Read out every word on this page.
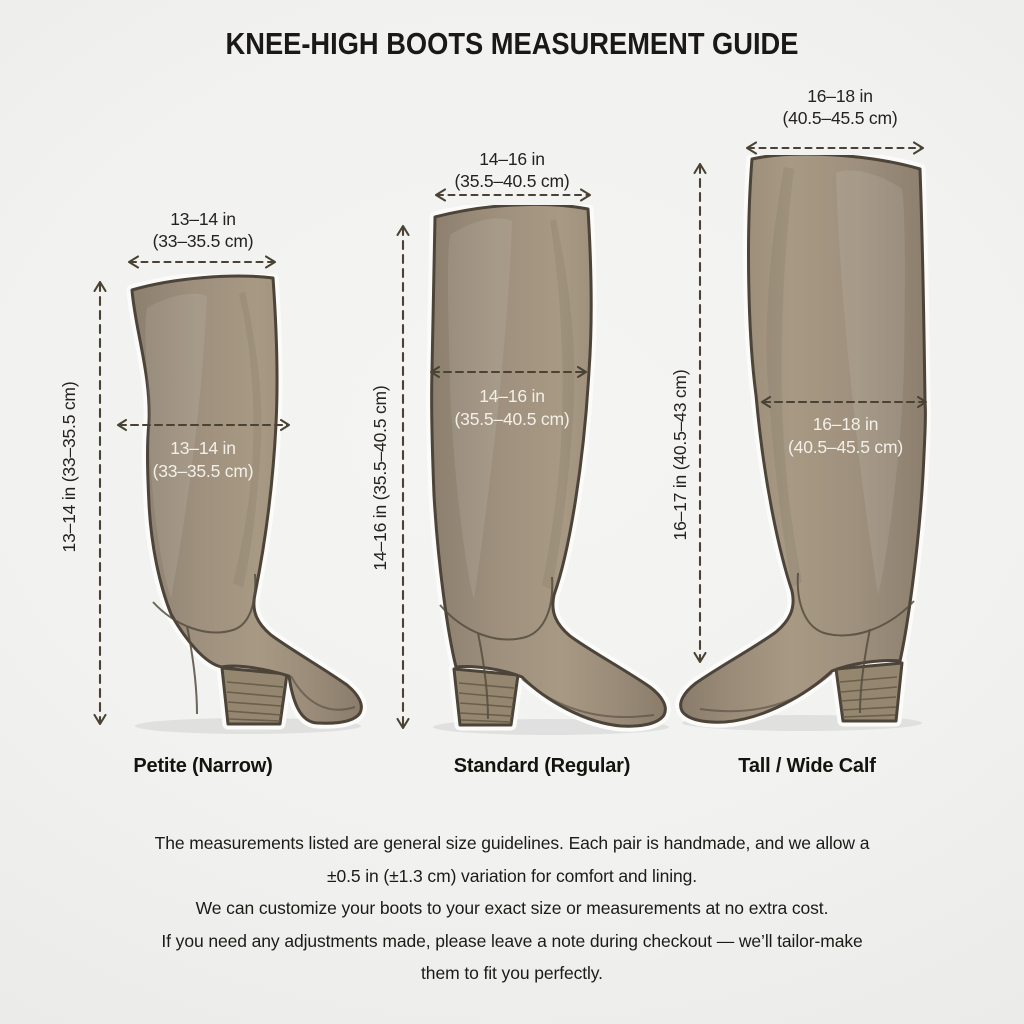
KNEE-HIGH BOOTS MEASUREMENT GUIDE
13–14 in
(33–35.5 cm)
13–14 in (33–35.5 cm)	13–14 in
(33–35.5 cm)
Petite (Narrow)
14–16 in
(35.5–40.5 cm)
14–16 in (35.5–40.5 cm)	14–16 in
(35.5–40.5 cm)
Standard (Regular)
16–18 in
(40.5–45.5 cm)
16–17 in (40.5–43 cm)	16–18 in
(40.5–45.5 cm)
Tall / Wide Calf
The measurements listed are general size guidelines. Each pair is handmade, and we allow a
±0.5 in (±1.3 cm) variation for comfort and lining.
We can customize your boots to your exact size or measurements at no extra cost.
If you need any adjustments made, please leave a note during checkout — we’ll tailor-make
them to fit you perfectly.
